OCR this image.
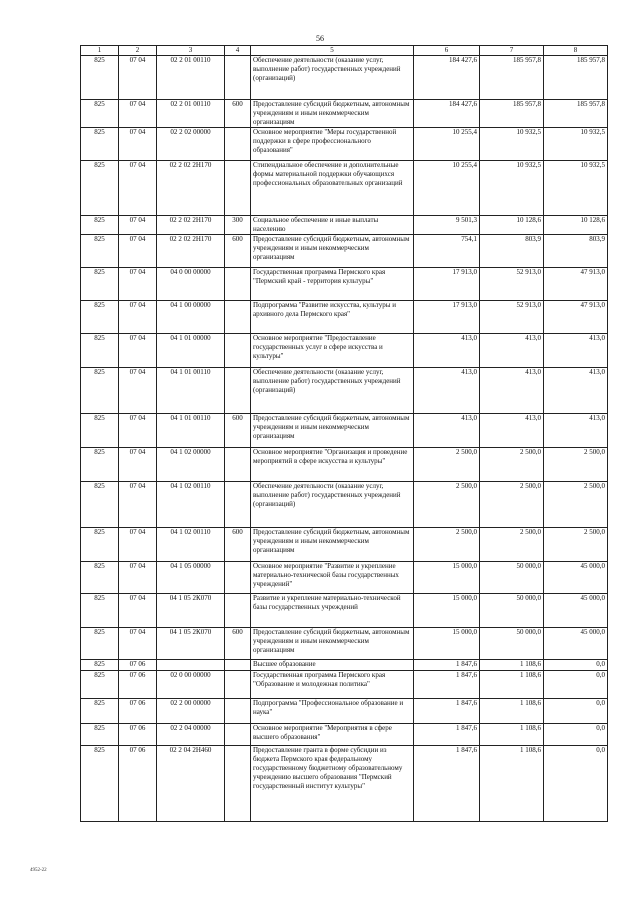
56
1	2	3	4	5	6	7	8
825	07 04	02 2 01 00110		Обеспечение деятельности (оказание услуг, выполнение работ) государственных учреждений (организаций)	184 427,6	185 957,8	185 957,8
825	07 04	02 2 01 00110	600	Предоставление субсидий бюджетным, автономным учреждениям и иным некоммерческим организациям	184 427,6	185 957,8	185 957,8
825	07 04	02 2 02 00000		Основное мероприятие "Меры государственной поддержки в сфере профессионального образования"	10 255,4	10 932,5	10 932,5
825	07 04	02 2 02 2Н170		Стипендиальное обеспечение и дополнительные формы материальной поддержки обучающихся профессиональных образовательных организаций	10 255,4	10 932,5	10 932,5
825	07 04	02 2 02 2Н170	300	Социальное обеспечение и иные выплаты населению	9 501,3	10 128,6	10 128,6
825	07 04	02 2 02 2Н170	600	Предоставление субсидий бюджетным, автономным учреждениям и иным некоммерческим организациям	754,1	803,9	803,9
825	07 04	04 0 00 00000		Государственная программа Пермского края "Пермский край - территория культуры"	17 913,0	52 913,0	47 913,0
825	07 04	04 1 00 00000		Подпрограмма "Развитие искусства, культуры и архивного дела Пермского края"	17 913,0	52 913,0	47 913,0
825	07 04	04 1 01 00000		Основное мероприятие "Предоставление государственных услуг в сфере искусства и культуры"	413,0	413,0	413,0
825	07 04	04 1 01 00110		Обеспечение деятельности (оказание услуг, выполнение работ) государственных учреждений (организаций)	413,0	413,0	413,0
825	07 04	04 1 01 00110	600	Предоставление субсидий бюджетным, автономным учреждениям и иным некоммерческим организациям	413,0	413,0	413,0
825	07 04	04 1 02 00000		Основное мероприятие "Организация и проведение мероприятий в сфере искусства и культуры"	2 500,0	2 500,0	2 500,0
825	07 04	04 1 02 00110		Обеспечение деятельности (оказание услуг, выполнение работ) государственных учреждений (организаций)	2 500,0	2 500,0	2 500,0
825	07 04	04 1 02 00110	600	Предоставление субсидий бюджетным, автономным учреждениям и иным некоммерческим организациям	2 500,0	2 500,0	2 500,0
825	07 04	04 1 05 00000		Основное мероприятие "Развитие и укрепление материально-технической базы государственных учреждений"	15 000,0	50 000,0	45 000,0
825	07 04	04 1 05 2К070		Развитие и укрепление материально-технической базы государственных учреждений	15 000,0	50 000,0	45 000,0
825	07 04	04 1 05 2К070	600	Предоставление субсидий бюджетным, автономным учреждениям и иным некоммерческим организациям	15 000,0	50 000,0	45 000,0
825	07 06			Высшее образование	1 847,6	1 108,6	0,0
825	07 06	02 0 00 00000		Государственная программа Пермского края "Образование и молодежная политика"	1 847,6	1 108,6	0,0
825	07 06	02 2 00 00000		Подпрограмма "Профессиональное образование и наука"	1 847,6	1 108,6	0,0
825	07 06	02 2 04 00000		Основное мероприятие "Мероприятия в сфере высшего образования"	1 847,6	1 108,6	0,0
825	07 06	02 2 04 2Н460		Предоставление гранта в форме субсидии из бюджета Пермского края федеральному государственному бюджетному образовательному учреждению высшего образования "Пермский государственный институт культуры"	1 847,6	1 108,6	0,0
4952-22
